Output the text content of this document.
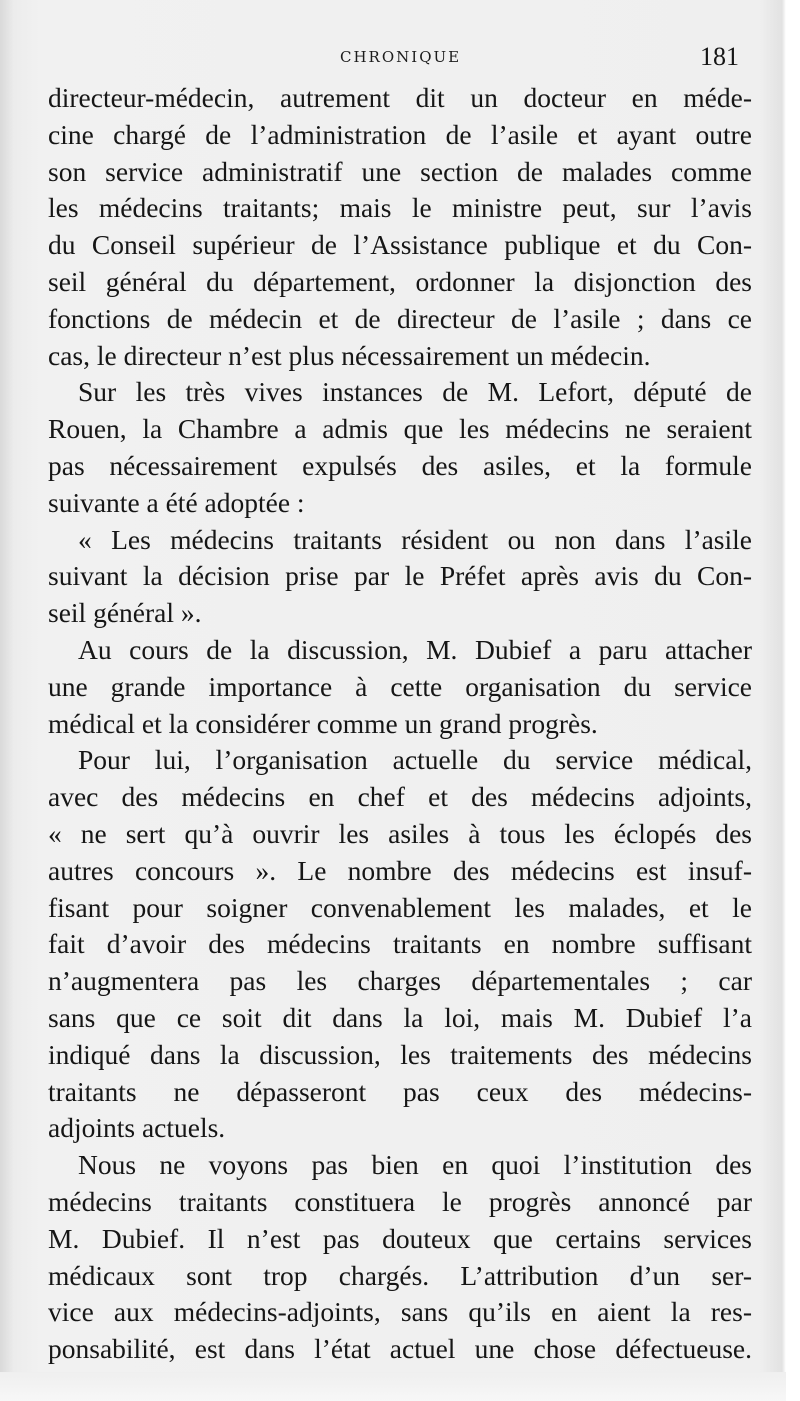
CHRONIQUE	181
directeur-médecin, autrement dit un docteur en méde-
cine chargé de l’administration de l’asile et ayant outre
son service administratif une section de malades comme
les médecins traitants; mais le ministre peut, sur l’avis
du Conseil supérieur de l’Assistance publique et du Con-
seil général du département, ordonner la disjonction des
fonctions de médecin et de directeur de l’asile ; dans ce
cas, le directeur n’est plus nécessairement un médecin.
Sur les très vives instances de M. Lefort, député de
Rouen, la Chambre a admis que les médecins ne seraient
pas nécessairement expulsés des asiles, et la formule
suivante a été adoptée :
« Les médecins traitants résident ou non dans l’asile
suivant la décision prise par le Préfet après avis du Con-
seil général ».
Au cours de la discussion, M. Dubief a paru attacher
une grande importance à cette organisation du service
médical et la considérer comme un grand progrès.
Pour lui, l’organisation actuelle du service médical,
avec des médecins en chef et des médecins adjoints,
« ne sert qu’à ouvrir les asiles à tous les éclopés des
autres concours ». Le nombre des médecins est insuf-
fisant pour soigner convenablement les malades, et le
fait d’avoir des médecins traitants en nombre suffisant
n’augmentera pas les charges départementales ; car
sans que ce soit dit dans la loi, mais M. Dubief l’a
indiqué dans la discussion, les traitements des médecins
traitants ne dépasseront pas ceux des médecins-
adjoints actuels.
Nous ne voyons pas bien en quoi l’institution des
médecins traitants constituera le progrès annoncé par
M. Dubief. Il n’est pas douteux que certains services
médicaux sont trop chargés. L’attribution d’un ser-
vice aux médecins-adjoints, sans qu’ils en aient la res-
ponsabilité, est dans l’état actuel une chose défectueuse.
